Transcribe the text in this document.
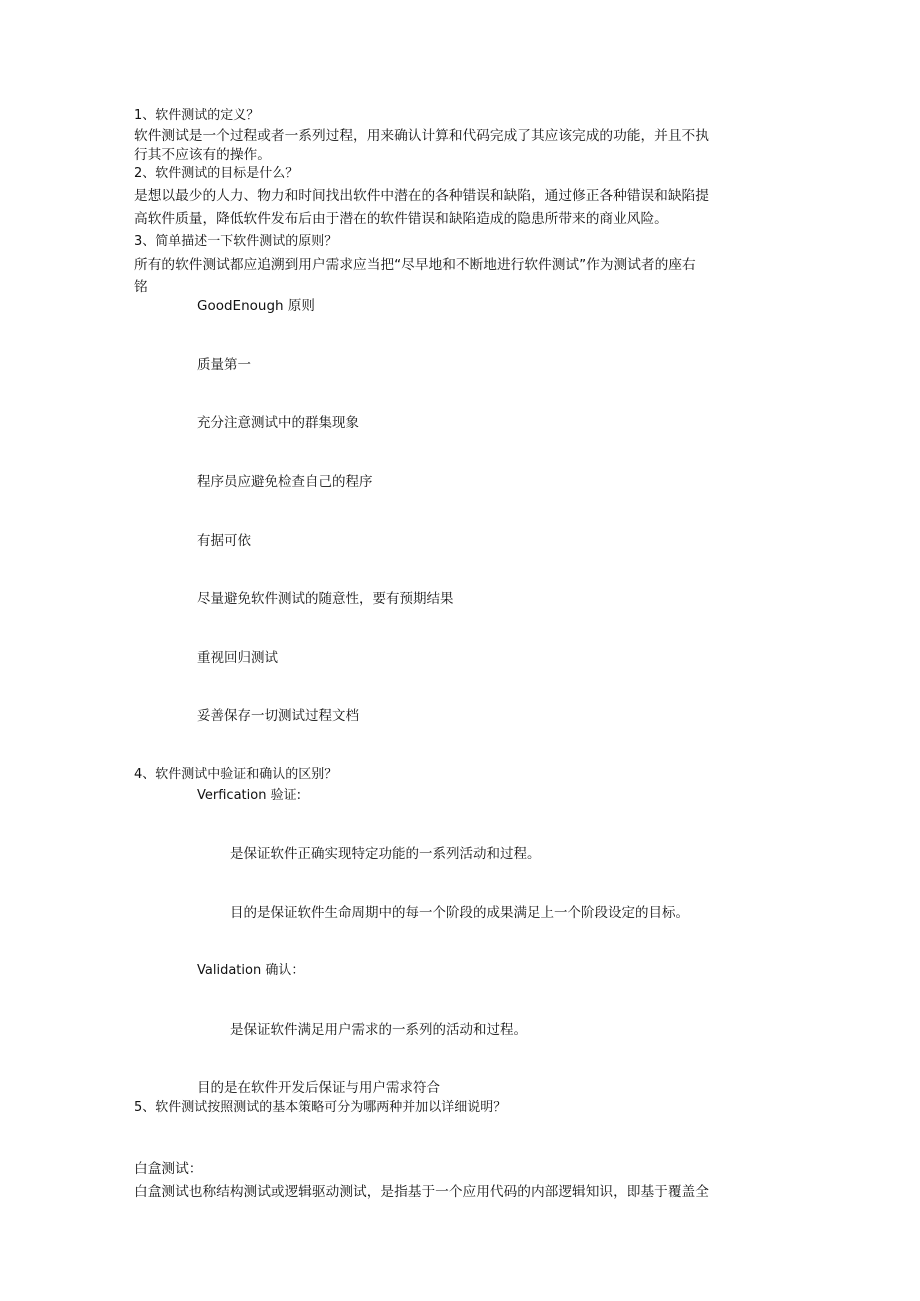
1、软件测试的定义？
软件测试是一个过程或者一系列过程，用来确认计算和代码完成了其应该完成的功能，并且不执
行其不应该有的操作。
2、软件测试的目标是什么？
是想以最少的人力、物力和时间找出软件中潜在的各种错误和缺陷，通过修正各种错误和缺陷提
高软件质量，降低软件发布后由于潜在的软件错误和缺陷造成的隐患所带来的商业风险。
3、简单描述一下软件测试的原则？
所有的软件测试都应追溯到用户需求应当把“尽早地和不断地进行软件测试”作为测试者的座右
铭
GoodEnough 原则
质量第一
充分注意测试中的群集现象
程序员应避免检查自己的程序
有据可依
尽量避免软件测试的随意性，要有预期结果
重视回归测试
妥善保存一切测试过程文档
4、软件测试中验证和确认的区别？
Verfication 验证:
是保证软件正确实现特定功能的一系列活动和过程。
目的是保证软件生命周期中的每一个阶段的成果满足上一个阶段设定的目标。
Validation 确认：
是保证软件满足用户需求的一系列的活动和过程。
目的是在软件开发后保证与用户需求符合
5、软件测试按照测试的基本策略可分为哪两种并加以详细说明？
白盒测试：
白盒测试也称结构测试或逻辑驱动测试，是指基于一个应用代码的内部逻辑知识，即基于覆盖全
